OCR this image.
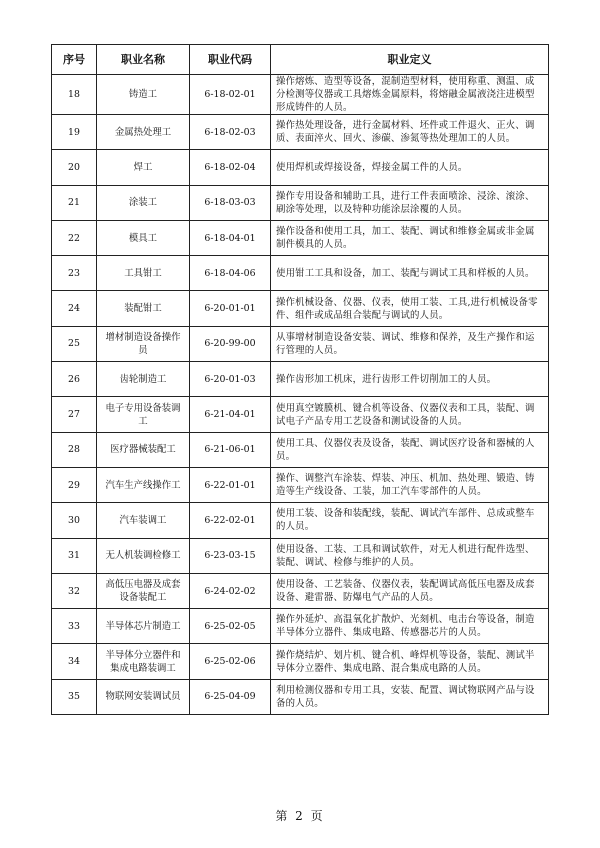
序号	职业名称	职业代码	职业定义
18	铸造工	6-18-02-01	操作熔炼、造型等设备，混制造型材料，使用称重、测温、成分检测等仪器或工具熔炼金属原料，将熔融金属液浇注进模型形成铸件的人员。
19	金属热处理工	6-18-02-03	操作热处理设备，进行金属材料、坯件或工件退火、正火、调质、表面淬火、回火、渗碳、渗氮等热处理加工的人员。
20	焊工	6-18-02-04	使用焊机或焊接设备，焊接金属工件的人员。
21	涂装工	6-18-03-03	操作专用设备和辅助工具，进行工件表面喷涂、浸涂、滚涂、刷涂等处理，以及特种功能涂层涂覆的人员。
22	模具工	6-18-04-01	操作设备和使用工具，加工、装配、调试和维修金属或非金属制件模具的人员。
23	工具钳工	6-18-04-06	使用钳工工具和设备，加工、装配与调试工具和样板的人员。
24	装配钳工	6-20-01-01	操作机械设备、仪器、仪表，使用工装、工具,进行机械设备零件、组件或成品组合装配与调试的人员。
25	增材制造设备操作员	6-20-99-00	从事增材制造设备安装、调试、维修和保养，及生产操作和运行管理的人员。
26	齿轮制造工	6-20-01-03	操作齿形加工机床，进行齿形工件切削加工的人员。
27	电子专用设备装调工	6-21-04-01	使用真空镀膜机、键合机等设备、仪器仪表和工具，装配、调试电子产品专用工艺设备和测试设备的人员。
28	医疗器械装配工	6-21-06-01	使用工具、仪器仪表及设备，装配、调试医疗设备和器械的人员。
29	汽车生产线操作工	6-22-01-01	操作、调整汽车涂装、焊装、冲压、机加、热处理、锻造、铸造等生产线设备、工装，加工汽车零部件的人员。
30	汽车装调工	6-22-02-01	使用工装、设备和装配线，装配、调试汽车部件、总成或整车的人员。
31	无人机装调检修工	6-23-03-15	使用设备、工装、工具和调试软件，对无人机进行配件选型、装配、调试、检修与维护的人员。
32	高低压电器及成套设备装配工	6-24-02-02	使用设备、工艺装备、仪器仪表，装配调试高低压电器及成套设备、避雷器、防爆电气产品的人员。
33	半导体芯片制造工	6-25-02-05	操作外延炉、高温氧化扩散炉、光刻机、电击台等设备，制造半导体分立器件、集成电路、传感器芯片的人员。
34	半导体分立器件和集成电路装调工	6-25-02-06	操作烧结炉、划片机、键合机、峰焊机等设备，装配、测试半导体分立器件、集成电路、混合集成电路的人员。
35	物联网安装调试员	6-25-04-09	利用检测仪器和专用工具，安装、配置、调试物联网产品与设备的人员。
第 2 页
